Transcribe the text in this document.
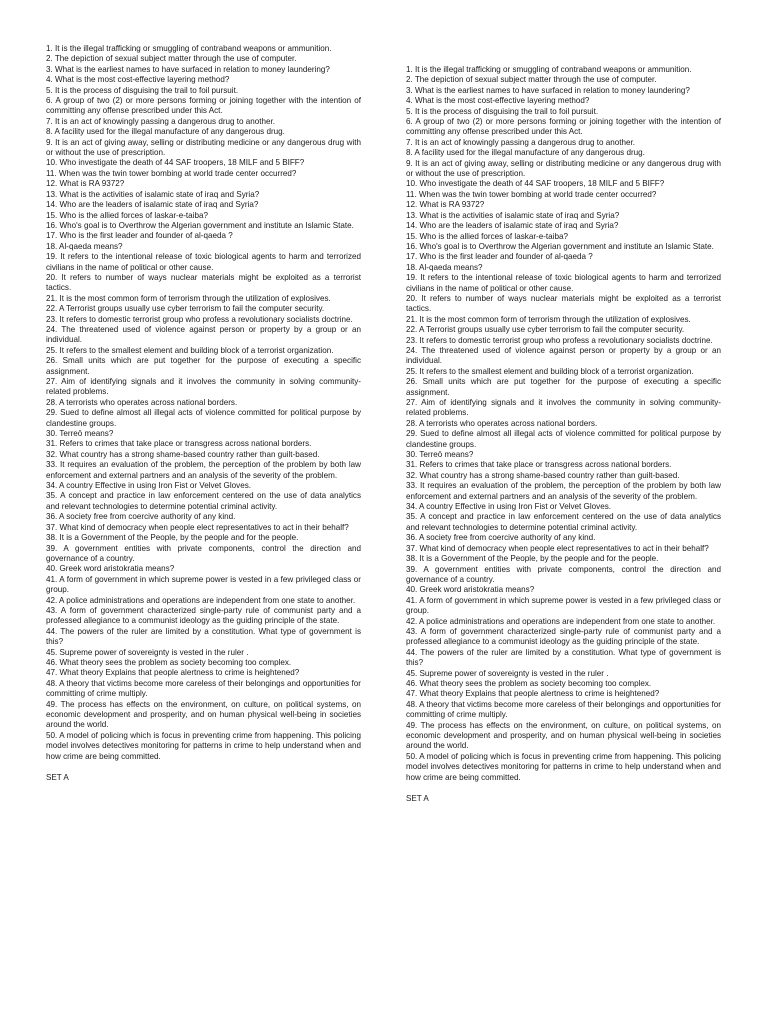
1. It is the illegal trafficking or smuggling of contraband weapons or ammunition.

2. The depiction of sexual subject matter through the use of computer.

3. What is the earliest names to have surfaced in relation to money laundering?

4. What is the most cost-effective layering method?

5. It is the process of disguising the trail to foil pursuit.

6. A group of two (2) or more persons forming or joining together with the intention of committing any offense prescribed under this Act.

7. It is an act of knowingly passing a dangerous drug to another.

8. A facility used for the illegal manufacture of any dangerous drug.

9. It is an act of giving away, selling or distributing medicine or any dangerous drug with or without the use of prescription.

10. Who investigate the death of 44 SAF troopers, 18 MILF and 5 BIFF?

11. When was the twin tower bombing at world trade center occurred?

12. What is RA 9372?

13. What is the activities of isalamic state of iraq and Syria?

14. Who are the leaders of isalamic state of iraq and Syria?

15. Who is the allied forces of laskar-e-taiba?

16. Who's goal is to Overthrow the Algerian government and institute an Islamic State.

17. Who is the first leader and founder of al-qaeda ?

18. Al-qaeda means?

19. It refers to the intentional release of toxic biological agents to harm and terrorized civilians in the name of political or other cause.

20. It refers to number of ways nuclear materials might be exploited as a terrorist tactics.

21. It is the most common form of terrorism through the utilization of explosives.

22. A Terrorist groups usually use cyber terrorism to fail the computer security.

23. It refers to domestic terrorist group who profess a revolutionary socialists doctrine.

24. The threatened used of violence against person or property by a group or an individual.

25. It refers to the smallest element and building block of a terrorist organization.

26. Small units which are put together for the purpose of executing a specific assignment.

27. Aim of identifying signals and it involves the community in solving community-related problems.

28. A terrorists who operates across national borders.

29. Sued to define almost all illegal acts of violence committed for political purpose by clandestine groups.

30. Terreō means?

31. Refers to crimes that take place or transgress across national borders.

32. What country has a strong shame-based country rather than guilt-based.

33. It requires an evaluation of the problem, the perception of the problem by both law enforcement and external partners and an analysis of the severity of the problem.

34. A country Effective in using Iron Fist or Velvet Gloves.

35. A concept and practice in law enforcement centered on the use of data analytics and relevant technologies to determine potential criminal activity.

36. A society free from coercive authority of any kind.

37. What kind of democracy when people elect representatives to act in their behalf?

38. It is a Government of the People, by the people and for the people.

39. A government entities with private components, control the direction and governance of a country.

40. Greek word aristokratia means?

41. A form of government in which supreme power is vested in a few privileged class or group.

42. A police administrations and operations are independent from one state to another.

43. A form of government characterized single-party rule of communist party and a professed allegiance to a communist ideology as the guiding principle of the state.

44. The powers of the ruler are limited by a constitution. What type of government is this?

45. Supreme power of sovereignty is vested in the ruler .

46. What theory sees the problem as society becoming too complex.

47. What theory Explains that people alertness to crime is heightened?

48. A theory that victims become more careless of their belongings and opportunities for committing of crime multiply.

49. The process has effects on the environment, on culture, on political systems, on economic development and prosperity, and on human physical well-being in societies around the world.

50. A model of policing which is focus in preventing crime from happening. This policing model involves detectives monitoring for patterns in crime to help understand when and how crime are being committed.

SET A

1. It is the illegal trafficking or smuggling of contraband weapons or ammunition.

2. The depiction of sexual subject matter through the use of computer.

3. What is the earliest names to have surfaced in relation to money laundering?

4. What is the most cost-effective layering method?

5. It is the process of disguising the trail to foil pursuit.

6. A group of two (2) or more persons forming or joining together with the intention of committing any offense prescribed under this Act.

7. It is an act of knowingly passing a dangerous drug to another.

8. A facility used for the illegal manufacture of any dangerous drug.

9. It is an act of giving away, selling or distributing medicine or any dangerous drug with or without the use of prescription.

10. Who investigate the death of 44 SAF troopers, 18 MILF and 5 BIFF?

11. When was the twin tower bombing at world trade center occurred?

12. What is RA 9372?

13. What is the activities of isalamic state of iraq and Syria?

14. Who are the leaders of isalamic state of iraq and Syria?

15. Who is the allied forces of laskar-e-taiba?

16. Who's goal is to Overthrow the Algerian government and institute an Islamic State.

17. Who is the first leader and founder of al-qaeda ?

18. Al-qaeda means?

19. It refers to the intentional release of toxic biological agents to harm and terrorized civilians in the name of political or other cause.

20. It refers to number of ways nuclear materials might be exploited as a terrorist tactics.

21. It is the most common form of terrorism through the utilization of explosives.

22. A Terrorist groups usually use cyber terrorism to fail the computer security.

23. It refers to domestic terrorist group who profess a revolutionary socialists doctrine.

24. The threatened used of violence against person or property by a group or an individual.

25. It refers to the smallest element and building block of a terrorist organization.

26. Small units which are put together for the purpose of executing a specific assignment.

27. Aim of identifying signals and it involves the community in solving community-related problems.

28. A terrorists who operates across national borders.

29. Sued to define almost all illegal acts of violence committed for political purpose by clandestine groups.

30. Terreō means?

31. Refers to crimes that take place or transgress across national borders.

32. What country has a strong shame-based country rather than guilt-based.

33. It requires an evaluation of the problem, the perception of the problem by both law enforcement and external partners and an analysis of the severity of the problem.

34. A country Effective in using Iron Fist or Velvet Gloves.

35. A concept and practice in law enforcement centered on the use of data analytics and relevant technologies to determine potential criminal activity.

36. A society free from coercive authority of any kind.

37. What kind of democracy when people elect representatives to act in their behalf?

38. It is a Government of the People, by the people and for the people.

39. A government entities with private components, control the direction and governance of a country.

40. Greek word aristokratia means?

41. A form of government in which supreme power is vested in a few privileged class or group.

42. A police administrations and operations are independent from one state to another.

43. A form of government characterized single-party rule of communist party and a professed allegiance to a communist ideology as the guiding principle of the state.

44. The powers of the ruler are limited by a constitution. What type of government is this?

45. Supreme power of sovereignty is vested in the ruler .

46. What theory sees the problem as society becoming too complex.

47. What theory Explains that people alertness to crime is heightened?

48. A theory that victims become more careless of their belongings and opportunities for committing of crime multiply.

49. The process has effects on the environment, on culture, on political systems, on economic development and prosperity, and on human physical well-being in societies around the world.

50. A model of policing which is focus in preventing crime from happening. This policing model involves detectives monitoring for patterns in crime to help understand when and how crime are being committed.

SET A
